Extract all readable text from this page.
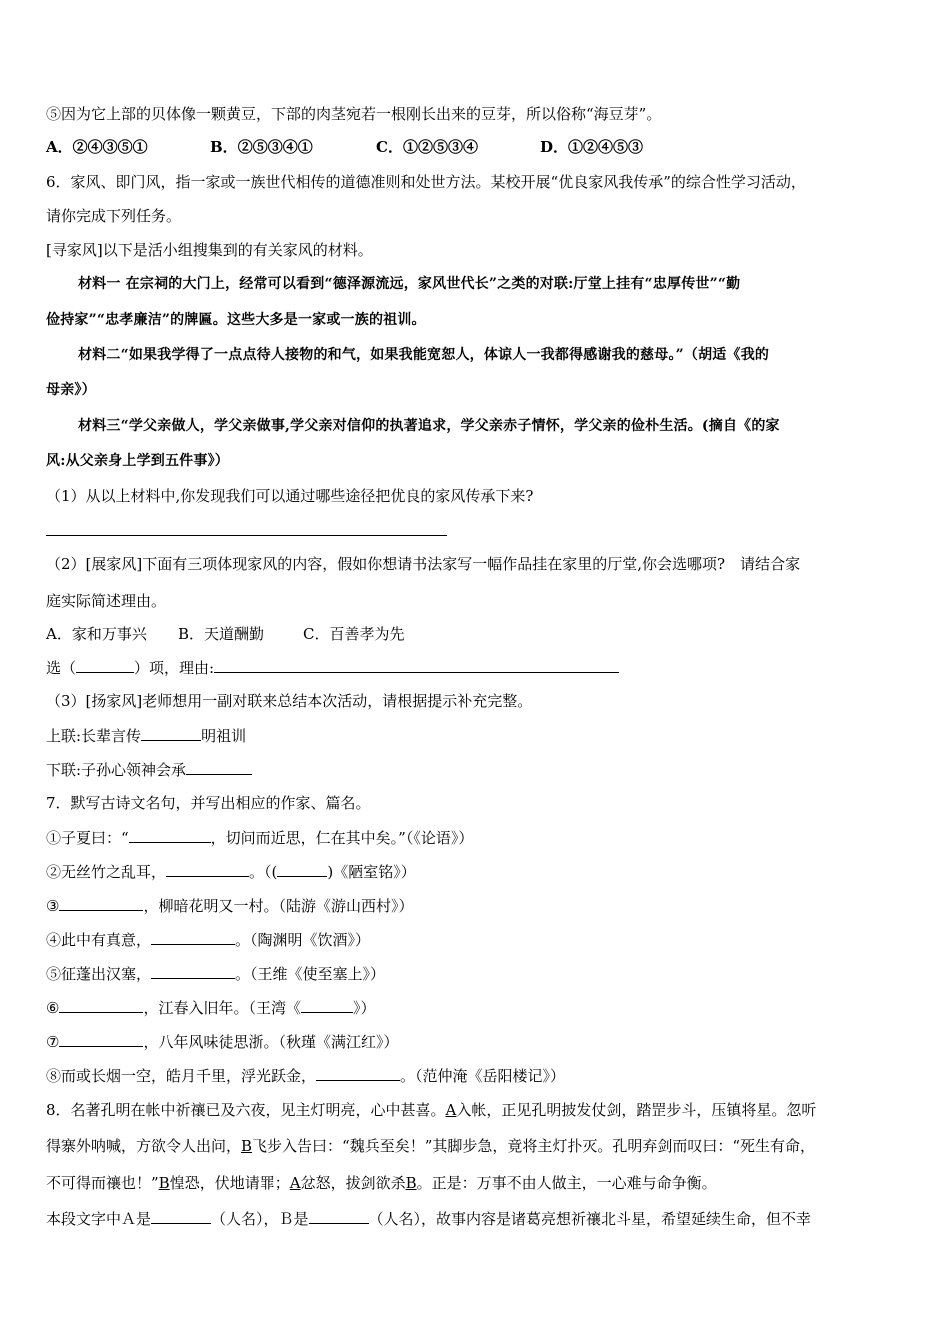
⑤因为它上部的贝体像一颗黄豆，下部的肉茎宛若一根刚长出来的豆芽，所以俗称“海豆芽”。
A．②④③⑤①	B．②⑤③④①	C．①②⑤③④	D．①②④⑤③
6．家风、即门风，指一家或一族世代相传的道德准则和处世方法。某校开展“优良家风我传承”的综合性学习活动，
请你完成下列任务。
[寻家风]以下是活小组搜集到的有关家风的材料。
材料一 在宗祠的大门上，经常可以看到“德泽源流远，家风世代长”之类的对联:厅堂上挂有“忠厚传世”“勤
俭持家”“忠孝廉洁”的牌匾。这些大多是一家或一族的祖训。
材料二“如果我学得了一点点待人接物的和气，如果我能宽恕人，体谅人一我都得感谢我的慈母。”（胡适《我的
母亲》）
材料三“学父亲做人，学父亲做事,学父亲对信仰的执著追求，学父亲赤子情怀，学父亲的俭朴生活。(摘自《的家
风:从父亲身上学到五件事》）
（1）从以上材料中,你发现我们可以通过哪些途径把优良的家风传承下来?
（2）[展家风]下面有三项体现家风的内容，假如你想请书法家写一幅作品挂在家里的厅堂,你会选哪项?　请结合家
庭实际简述理由。
A．家和万事兴 B．天道酬勤	C．百善孝为先
选（	）项，理由:
（3）[扬家风]老师想用一副对联来总结本次活动，请根据提示补充完整。
上联:长辈言传	明祖训
下联:子孙心领神会承
7．默写古诗文名句，并写出相应的作家、篇名。
①子夏曰：“	，切问而近思，仁在其中矣。”（《论语》）
②无丝竹之乱耳，	。（(	)《陋室铭》）
③	，柳暗花明又一村。（陆游《游山西村》）
④此中有真意，	。（陶渊明《饮酒》）
⑤征蓬出汉塞，	。（王维《使至塞上》）
⑥	，江春入旧年。（王湾《	》）
⑦	，八年风味徒思浙。（秋瑾《满江红》）
⑧而或长烟一空，皓月千里，浮光跃金，	。（范仲淹《岳阳楼记》）
8．名著孔明在帐中祈禳已及六夜，见主灯明亮，心中甚喜。A入帐，正见孔明披发仗剑，踏罡步斗，压镇将星。忽听
得寨外呐喊，方欲令人出问，B飞步入告曰：“魏兵至矣！”其脚步急，竟将主灯扑灭。孔明弃剑而叹曰：“死生有命，
不可得而禳也！”B惶恐，伏地请罪；A忿怒，拔剑欲杀B。正是：万事不由人做主，一心难与命争衡。
本段文字中Ａ是	（人名），Ｂ是	（人名），故事内容是诸葛亮想祈禳北斗星，希望延续生命，但不幸
